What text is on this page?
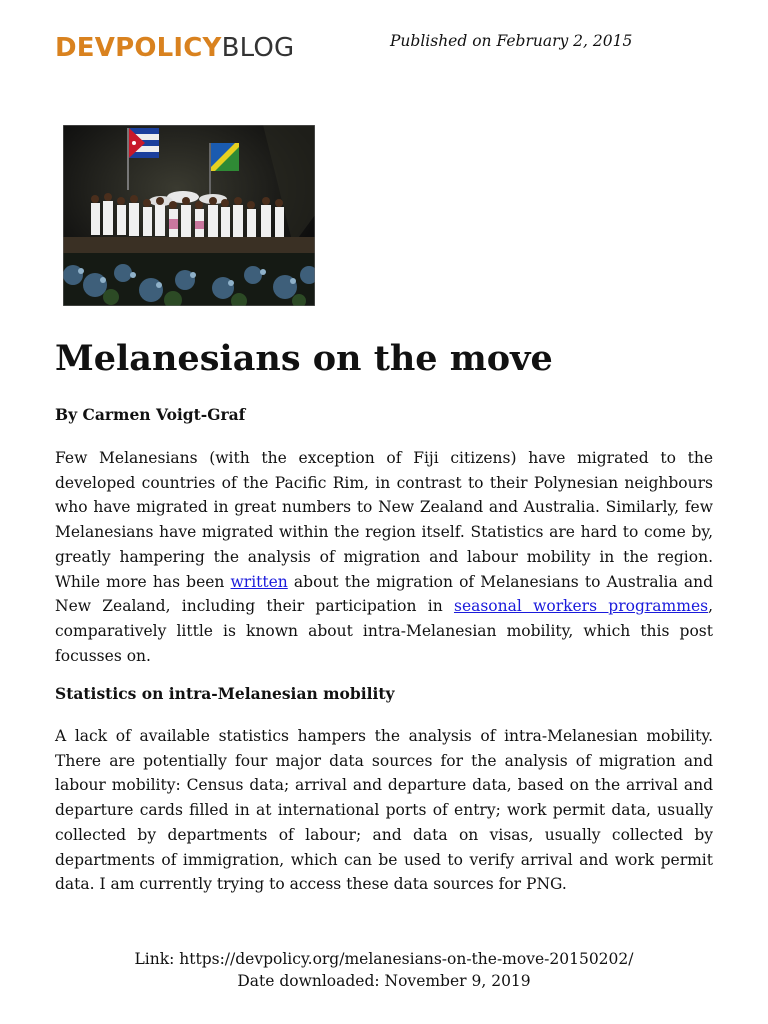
DEVPOLICYBLOG	Published on February 2, 2015
Melanesians on the move
By Carmen Voigt-Graf

Few Melanesians (with the exception of Fiji citizens) have migrated to the developed countries of the Pacific Rim, in contrast to their Polynesian neighbours who have migrated in great numbers to New Zealand and Australia. Similarly, few Melanesians have migrated within the region itself. Statistics are hard to come by, greatly hampering the analysis of migration and labour mobility in the region. While more has been written about the migration of Melanesians to Australia and New Zealand, including their participation in seasonal workers programmes, comparatively little is known about intra-Melanesian mobility, which this post focusses on.

Statistics on intra-Melanesian mobility

A lack of available statistics hampers the analysis of intra-Melanesian mobility. There are potentially four major data sources for the analysis of migration and labour mobility: Census data; arrival and departure data, based on the arrival and departure cards filled in at international ports of entry; work permit data, usually collected by departments of labour; and data on visas, usually collected by departments of immigration, which can be used to verify arrival and work permit data. I am currently trying to access these data sources for PNG.

Link: https://devpolicy.org/melanesians-on-the-move-20150202/
Date downloaded: November 9, 2019
